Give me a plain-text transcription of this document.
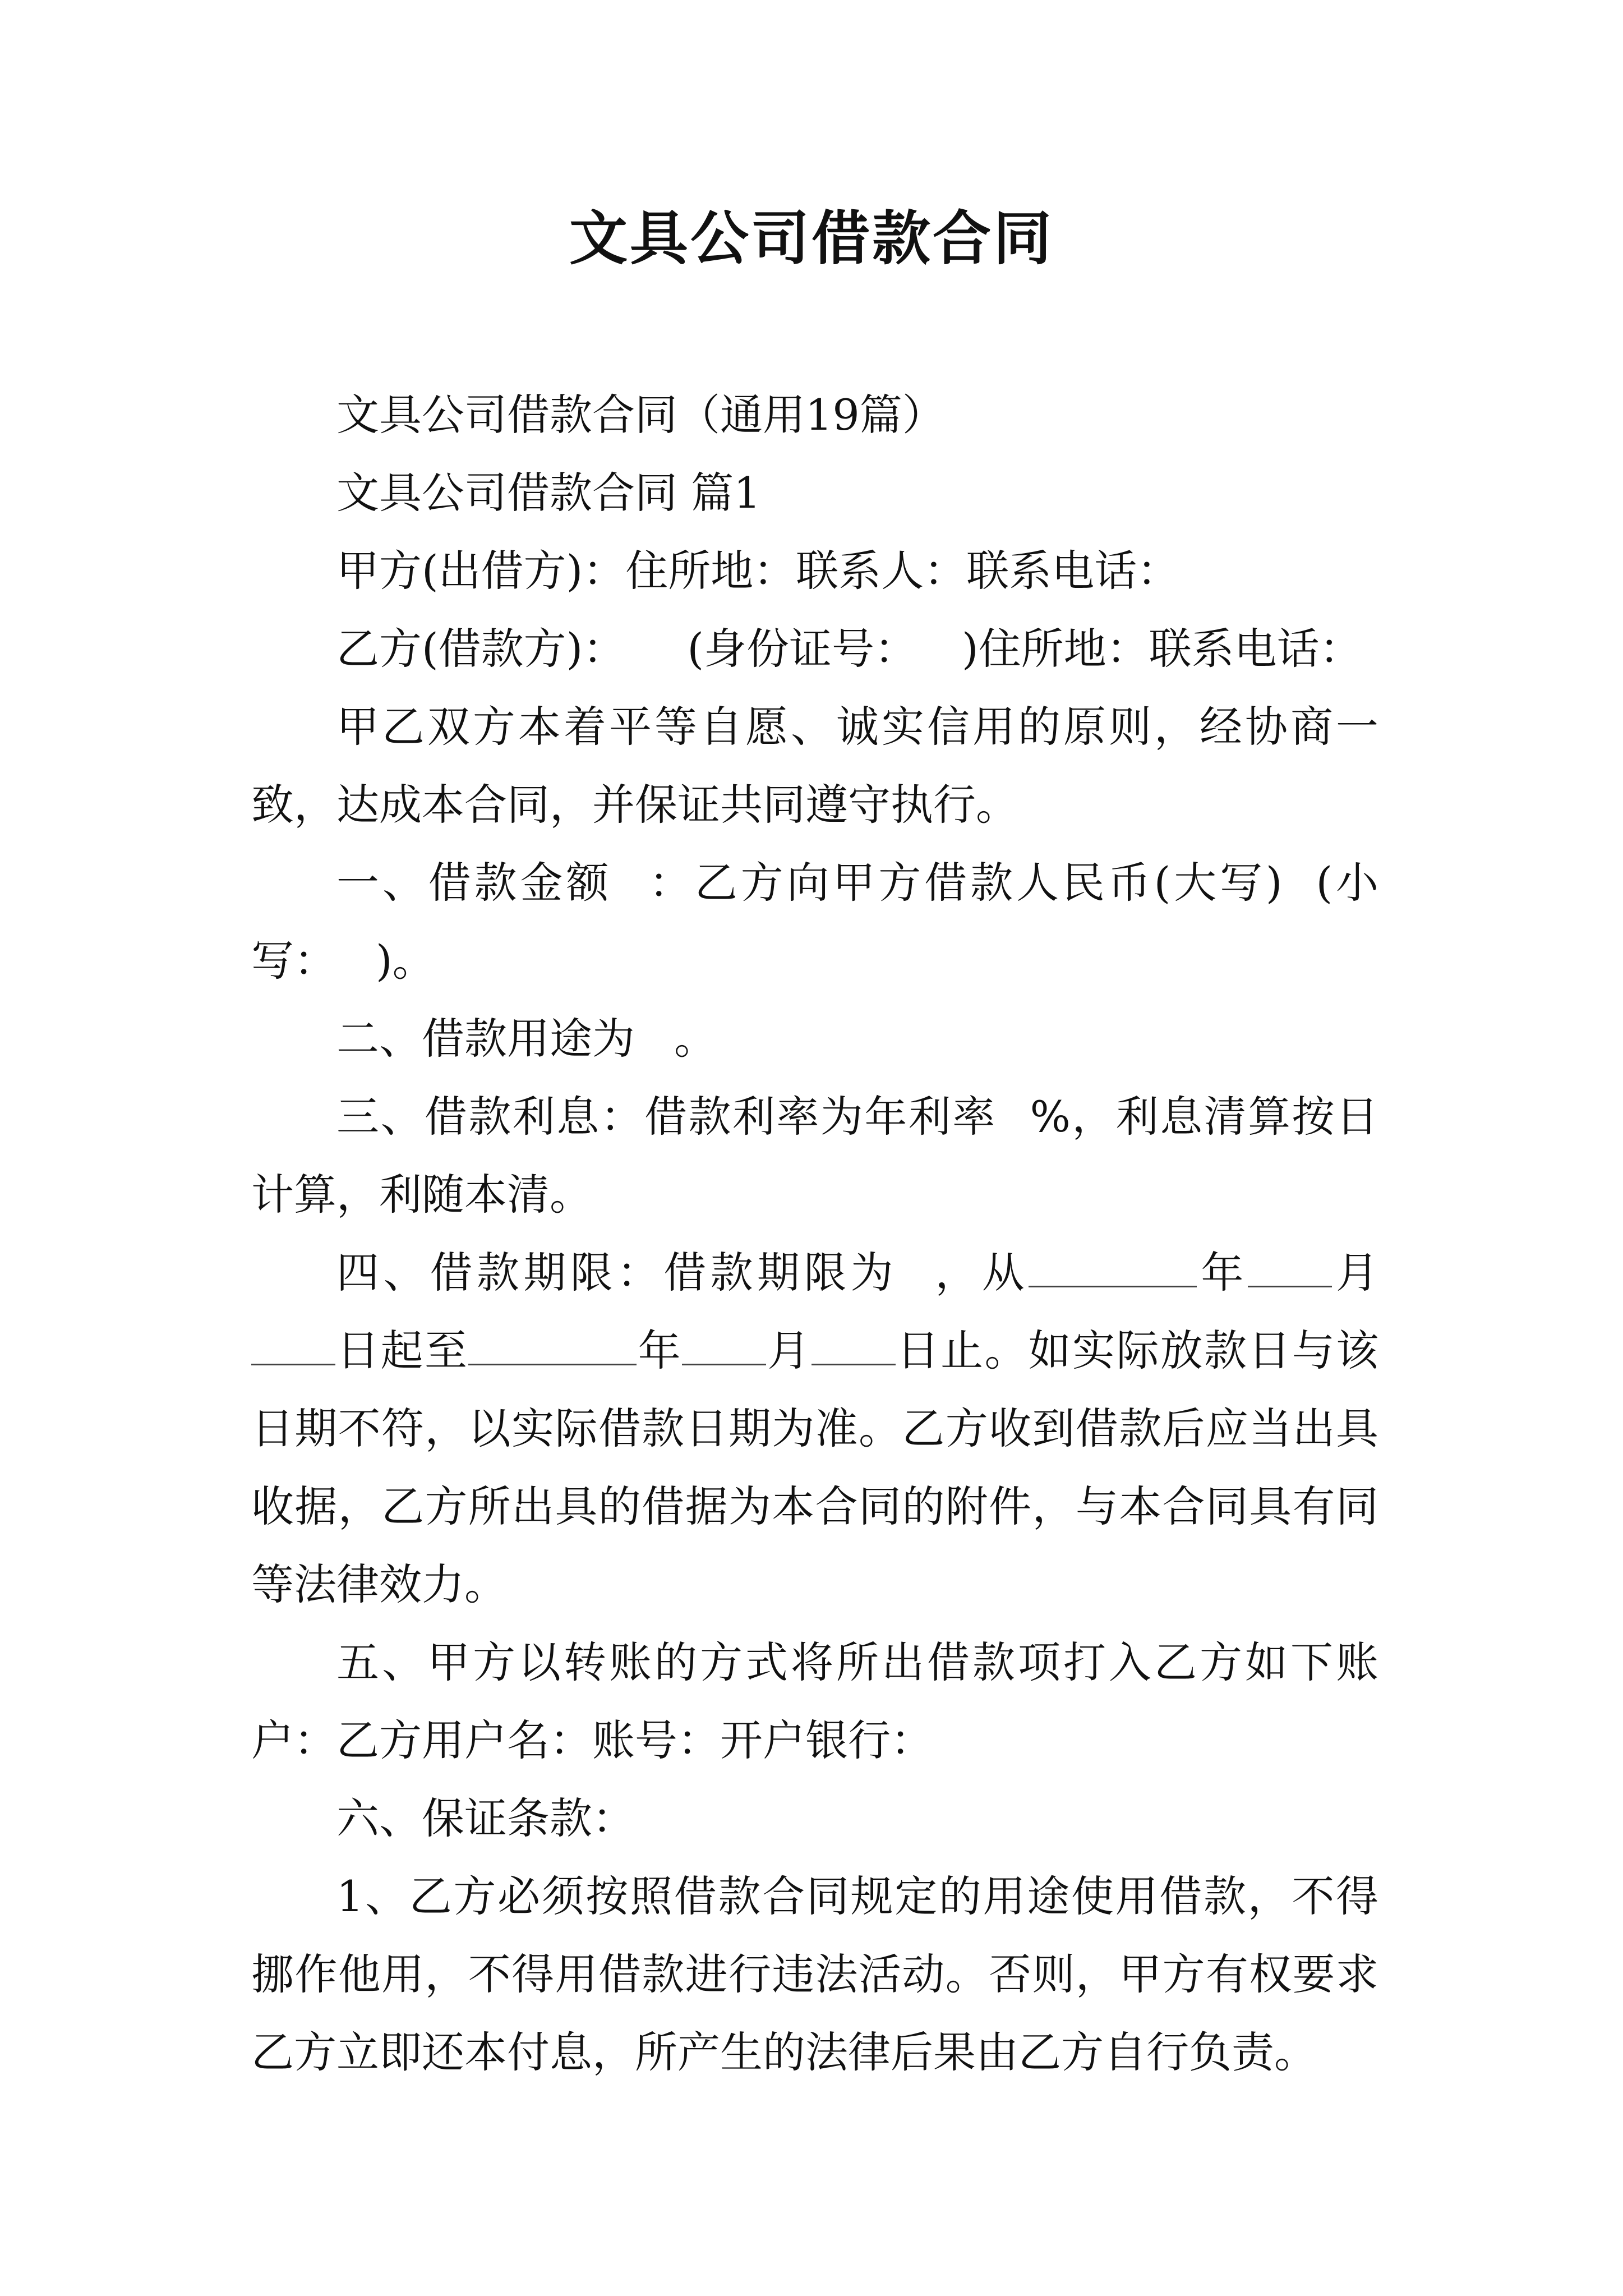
文具公司借款合同

文具公司借款合同（通用19篇）

文具公司借款合同 篇1

甲方(出借方)：住所地：联系人：联系电话：

乙方(借款方)： (身份证号： )住所地：联系电话：

甲乙双方本着平等自愿、诚实信用的原则，经协商一致，达成本合同，并保证共同遵守执行。

一、借款金额 ：乙方向甲方借款人民币(大写) (小写： )。

二、借款用途为 。

三、借款利息：借款利率为年利率 %，利息清算按日计算，利随本清。

四、借款期限：借款期限为 ，从	年 月日起至	年 月 日止。如实际放款日与该日期不符，以实际借款日期为准。乙方收到借款后应当出具收据，乙方所出具的借据为本合同的附件，与本合同具有同等法律效力。

五、甲方以转账的方式将所出借款项打入乙方如下账户：乙方用户名：账号：开户银行：

六、保证条款：

1、乙方必须按照借款合同规定的用途使用借款，不得挪作他用，不得用借款进行违法活动。否则，甲方有权要求乙方立即还本付息，所产生的法律后果由乙方自行负责。
